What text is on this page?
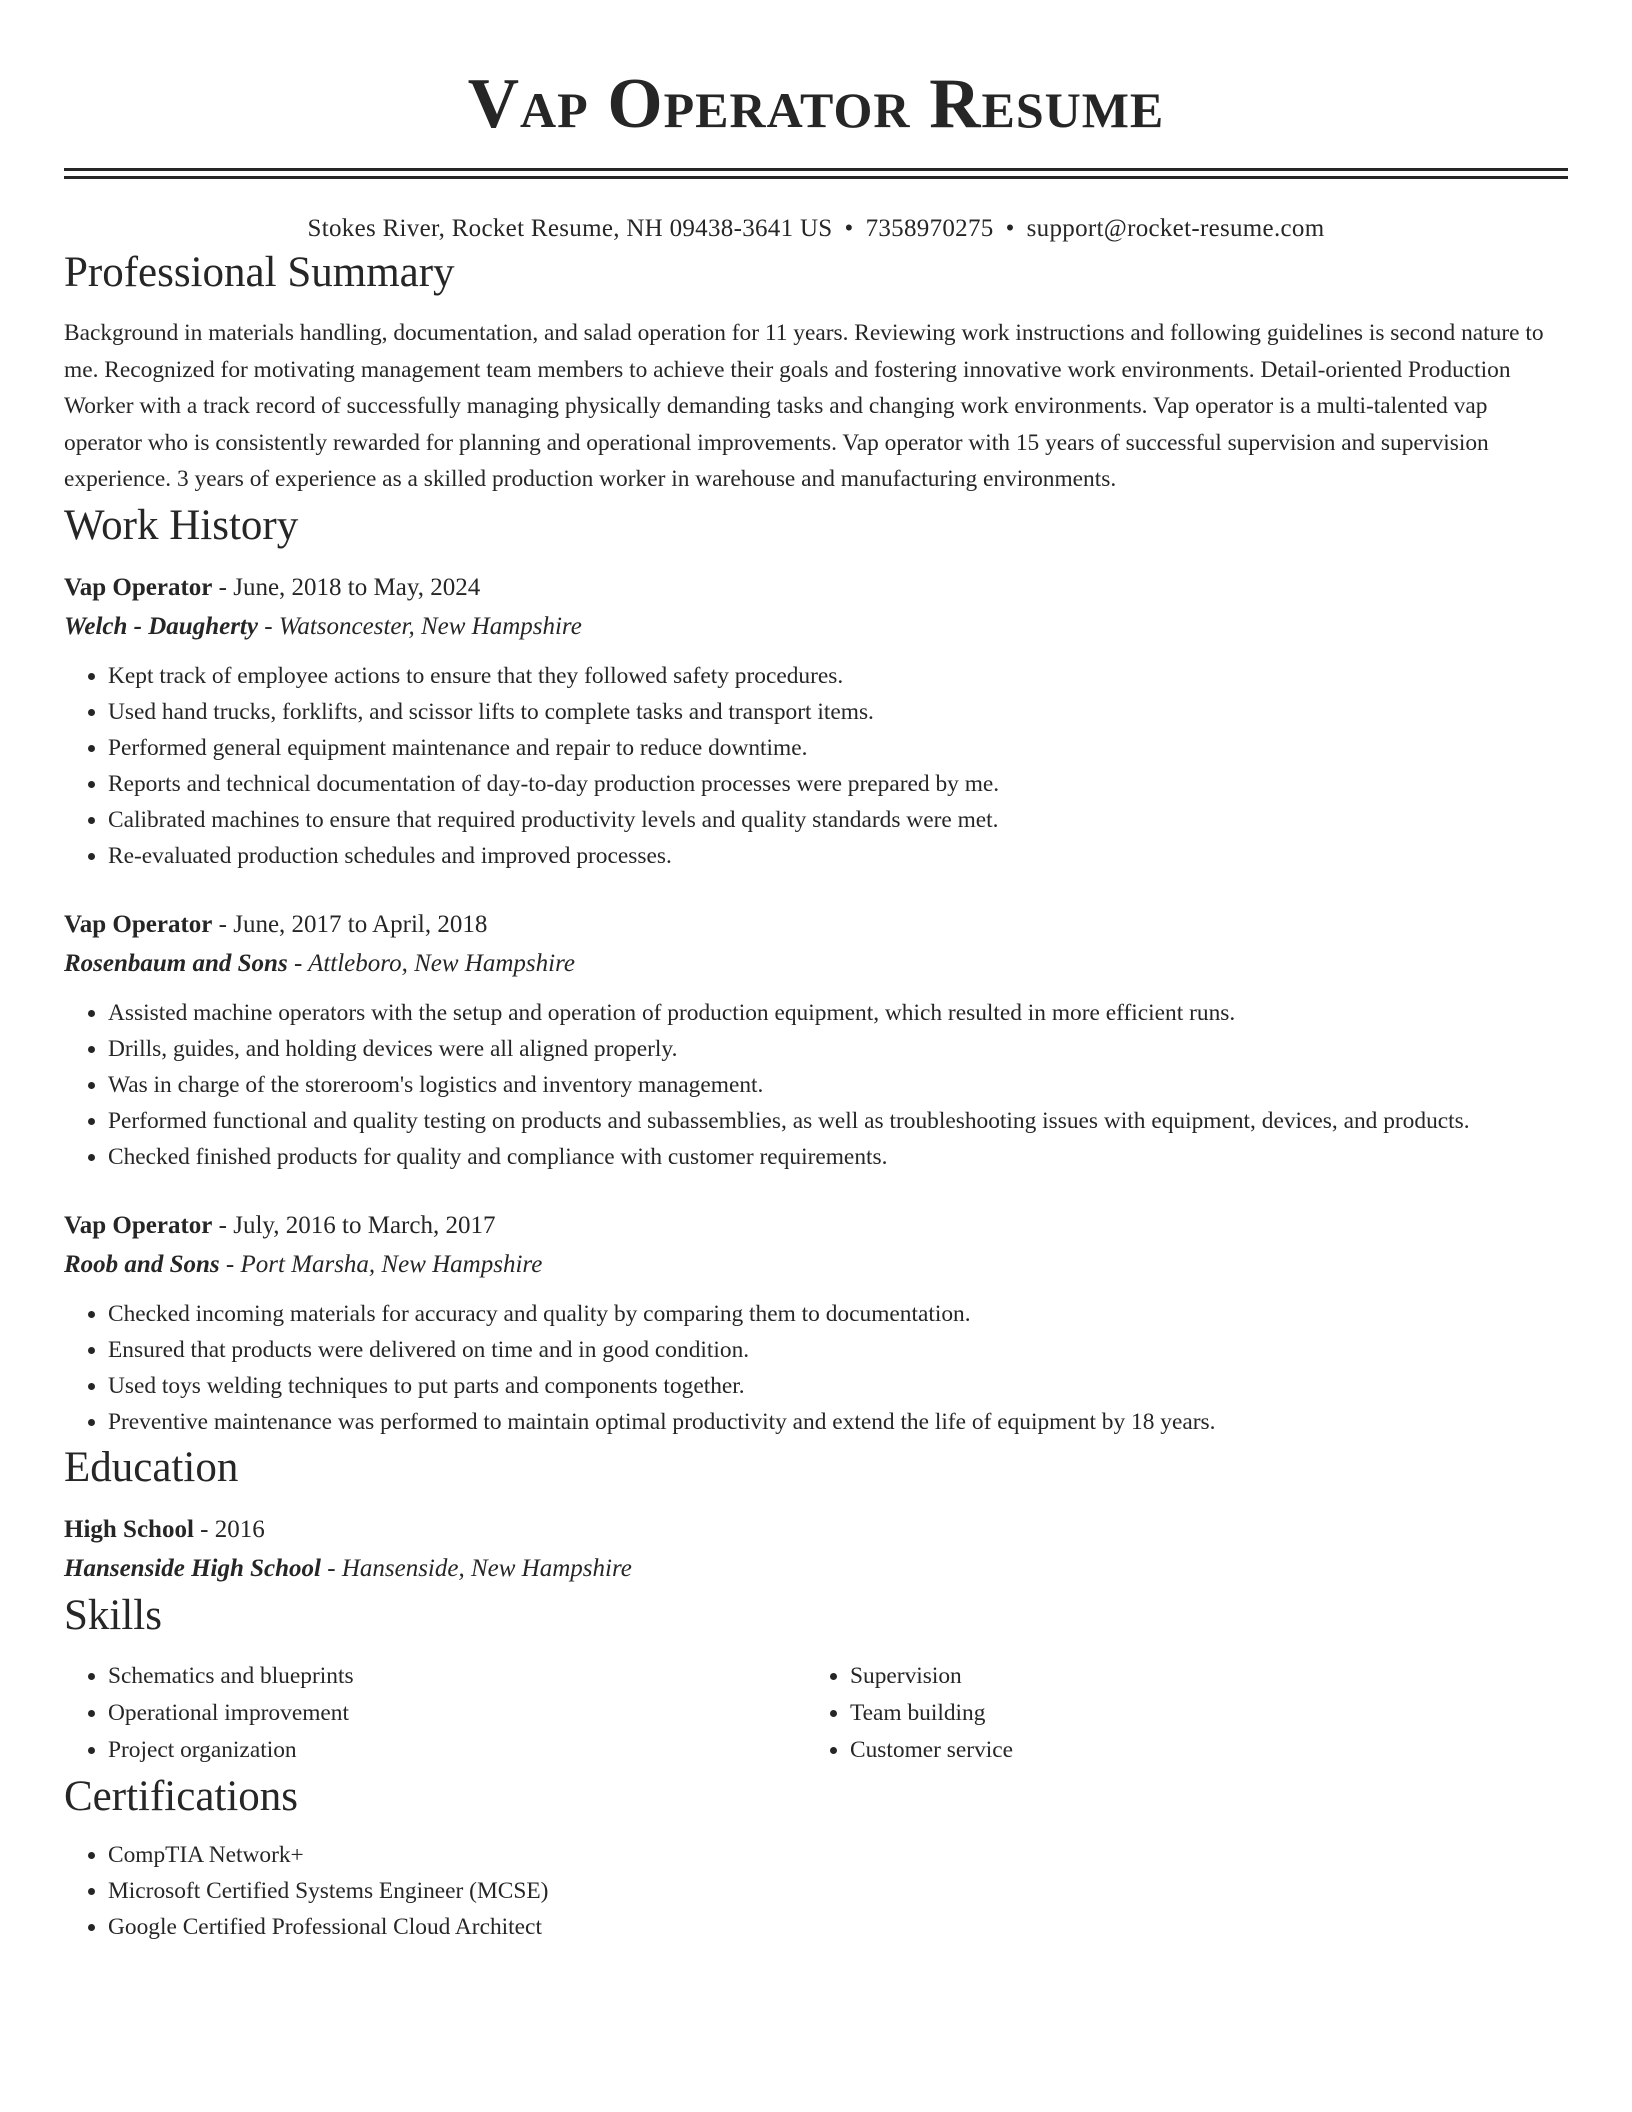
Vap Operator Resume
Stokes River, Rocket Resume, NH 09438-3641 US • 7358970275 • support@rocket-resume.com
Professional Summary
Background in materials handling, documentation, and salad operation for 11 years. Reviewing work instructions and following guidelines is second nature to me. Recognized for motivating management team members to achieve their goals and fostering innovative work environments. Detail-oriented Production Worker with a track record of successfully managing physically demanding tasks and changing work environments. Vap operator is a multi-talented vap operator who is consistently rewarded for planning and operational improvements. Vap operator with 15 years of successful supervision and supervision experience. 3 years of experience as a skilled production worker in warehouse and manufacturing environments.
Work History
Vap Operator - June, 2018 to May, 2024
Welch - Daugherty - Watsoncester, New Hampshire
• Kept track of employee actions to ensure that they followed safety procedures.
• Used hand trucks, forklifts, and scissor lifts to complete tasks and transport items.
• Performed general equipment maintenance and repair to reduce downtime.
• Reports and technical documentation of day-to-day production processes were prepared by me.
• Calibrated machines to ensure that required productivity levels and quality standards were met.
• Re-evaluated production schedules and improved processes.
Vap Operator - June, 2017 to April, 2018
Rosenbaum and Sons - Attleboro, New Hampshire
• Assisted machine operators with the setup and operation of production equipment, which resulted in more efficient runs.
• Drills, guides, and holding devices were all aligned properly.
• Was in charge of the storeroom's logistics and inventory management.
• Performed functional and quality testing on products and subassemblies, as well as troubleshooting issues with equipment, devices, and products.
• Checked finished products for quality and compliance with customer requirements.
Vap Operator - July, 2016 to March, 2017
Roob and Sons - Port Marsha, New Hampshire
• Checked incoming materials for accuracy and quality by comparing them to documentation.
• Ensured that products were delivered on time and in good condition.
• Used toys welding techniques to put parts and components together.
• Preventive maintenance was performed to maintain optimal productivity and extend the life of equipment by 18 years.
Education
High School - 2016
Hansenside High School - Hansenside, New Hampshire
Skills
• Schematics and blueprints
• Operational improvement
• Project organization
• Supervision
• Team building
• Customer service
Certifications
• CompTIA Network+
• Microsoft Certified Systems Engineer (MCSE)
• Google Certified Professional Cloud Architect
